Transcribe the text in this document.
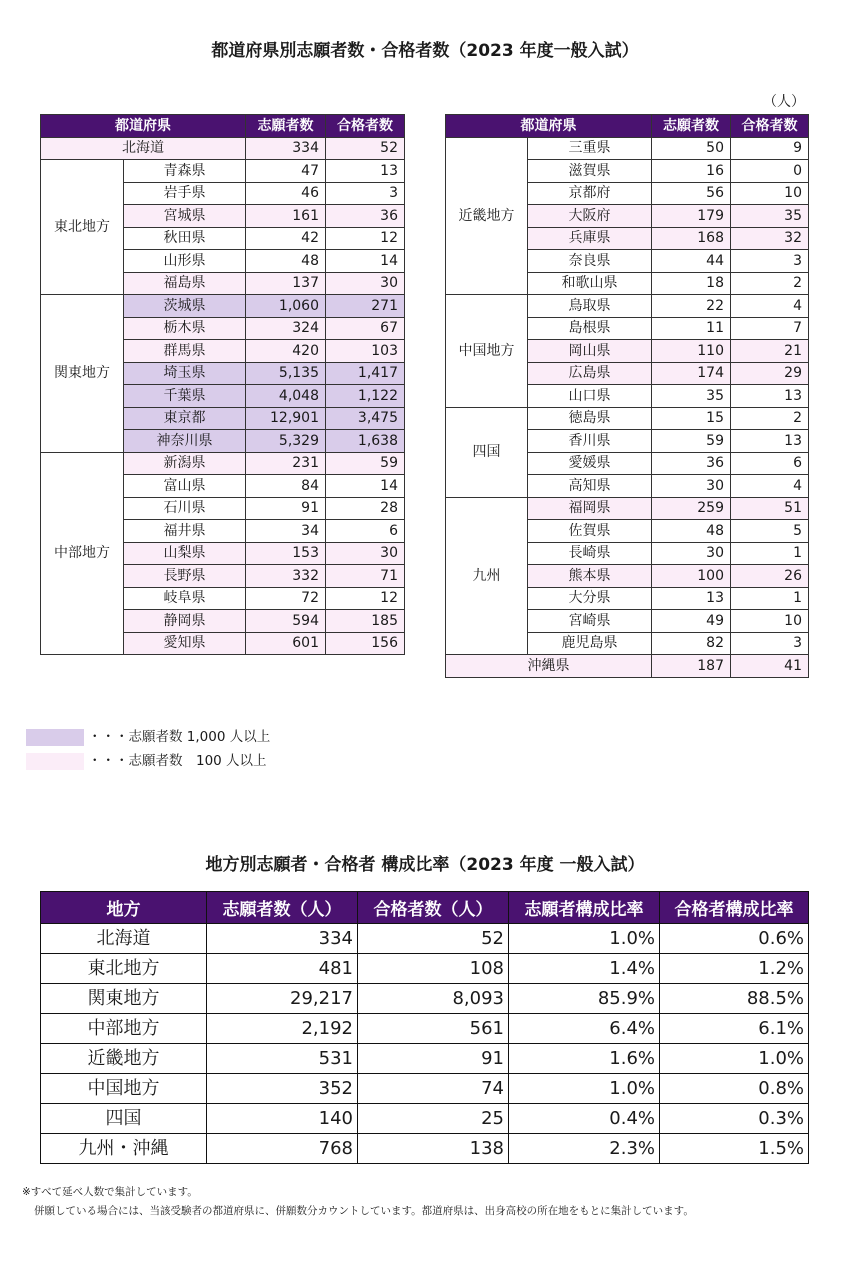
都道府県別志願者数・合格者数（2023 年度一般入試）
（人）
都道府県		志願者数	合格者数
北海道		334	52
東北地方	青森県	47	13
	岩手県	46	3
	宮城県	161	36
	秋田県	42	12
	山形県	48	14
	福島県	137	30
関東地方	茨城県	1,060	271
	栃木県	324	67
	群馬県	420	103
	埼玉県	5,135	1,417
	千葉県	4,048	1,122
	東京都	12,901	3,475
	神奈川県	5,329	1,638
中部地方	新潟県	231	59
	富山県	84	14
	石川県	91	28
	福井県	34	6
	山梨県	153	30
	長野県	332	71
	岐阜県	72	12
	静岡県	594	185
	愛知県	601	156
都道府県		志願者数	合格者数
近畿地方	三重県	50	9
	滋賀県	16	0
	京都府	56	10
	大阪府	179	35
	兵庫県	168	32
	奈良県	44	3
	和歌山県	18	2
中国地方	鳥取県	22	4
	島根県	11	7
	岡山県	110	21
	広島県	174	29
	山口県	35	13
四国	徳島県	15	2
	香川県	59	13
	愛媛県	36	6
	高知県	30	4
九州	福岡県	259	51
	佐賀県	48	5
	長崎県	30	1
	熊本県	100	26
	大分県	13	1
	宮崎県	49	10
	鹿児島県	82	3
沖縄県		187	41
・・・志願者数 1,000 人以上
・・・志願者数　100 人以上
地方別志願者・合格者 構成比率（2023 年度 一般入試）
地方	志願者数（人）	合格者数（人）	志願者構成比率	合格者構成比率
北海道	334	52	1.0%	0.6%
東北地方	481	108	1.4%	1.2%
関東地方	29,217	8,093	85.9%	88.5%
中部地方	2,192	561	6.4%	6.1%
近畿地方	531	91	1.6%	1.0%
中国地方	352	74	1.0%	0.8%
四国	140	25	0.4%	0.3%
九州・沖縄	768	138	2.3%	1.5%
※すべて延べ人数で集計しています。
併願している場合には、当該受験者の都道府県に、併願数分カウントしています。都道府県は、出身高校の所在地をもとに集計しています。
